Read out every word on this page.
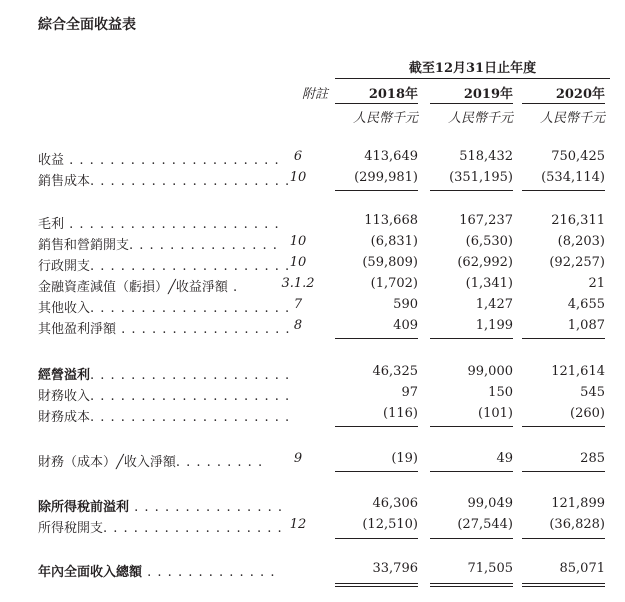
綜合全面收益表
截至12月31日止年度
附註	2018年	2019年	2020年
人民幣千元	人民幣千元	人民幣千元
收益 . . . . . . . . . . . . . . . . . . . . .	6	413,649	518,432	750,425
銷售成本. . . . . . . . . . . . . . . . . . . . 10	(299,981)	(351,195)	(534,114)
毛利 . . . . . . . . . . . . . . . . . . . . .	113,668	167,237	216,311
銷售和營銷開支. . . . . . . . . . . . . . . 10	(6,831)	(6,530)	(8,203)
行政開支. . . . . . . . . . . . . . . . . . . . 10	(59,809)	(62,992)	(92,257)
金融資產減值（虧損）╱收益淨額 .	3.1.2	(1,702)	(1,341)	21
其他收入. . . . . . . . . . . . . . . . . . . . 7	590	1,427	4,655
其他盈利淨額 . . . . . . . . . . . . . . . . . 8	409	1,199	1,087
經營溢利. . . . . . . . . . . . . . . . . . . .	46,325	99,000	121,614
財務收入. . . . . . . . . . . . . . . . . . . .	97	150	545
財務成本. . . . . . . . . . . . . . . . . . . .	(116)	(101)	(260)
財務（成本）╱收入淨額. . . . . . . . .	9	(19)	49	285
除所得稅前溢利 . . . . . . . . . . . . . . .	46,306	99,049	121,899
所得稅開支. . . . . . . . . . . . . . . . . . 12	(12,510)	(27,544)	(36,828)
年內全面收入總額 . . . . . . . . . . . . .	33,796	71,505	85,071
